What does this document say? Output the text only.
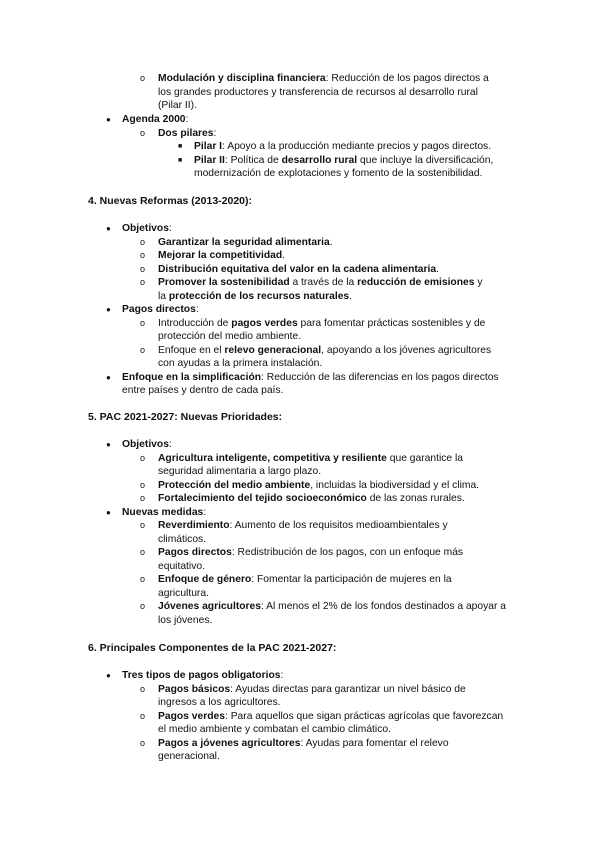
o Modulación y disciplina financiera: Reducción de los pagos directos a
los grandes productores y transferencia de recursos al desarrollo rural
(Pilar II).
● Agenda 2000:
o Dos pilares:
■ Pilar I: Apoyo a la producción mediante precios y pagos directos.
■ Pilar II: Política de desarrollo rural que incluye la diversificación,
modernización de explotaciones y fomento de la sostenibilidad.
4. Nuevas Reformas (2013-2020):
● Objetivos:
o Garantizar la seguridad alimentaria.
o Mejorar la competitividad.
o Distribución equitativa del valor en la cadena alimentaria.
o Promover la sostenibilidad a través de la reducción de emisiones y
la protección de los recursos naturales.
● Pagos directos:
o Introducción de pagos verdes para fomentar prácticas sostenibles y de
protección del medio ambiente.
o Enfoque en el relevo generacional, apoyando a los jóvenes agricultores
con ayudas a la primera instalación.
● Enfoque en la simplificación: Reducción de las diferencias en los pagos directos
entre países y dentro de cada país.
5. PAC 2021-2027: Nuevas Prioridades:
● Objetivos:
o Agricultura inteligente, competitiva y resiliente que garantice la
seguridad alimentaria a largo plazo.
o Protección del medio ambiente, incluidas la biodiversidad y el clima.
o Fortalecimiento del tejido socioeconómico de las zonas rurales.
● Nuevas medidas:
o Reverdimiento: Aumento de los requisitos medioambientales y
climáticos.
o Pagos directos: Redistribución de los pagos, con un enfoque más
equitativo.
o Enfoque de género: Fomentar la participación de mujeres en la
agricultura.
o Jóvenes agricultores: Al menos el 2% de los fondos destinados a apoyar a
los jóvenes.
6. Principales Componentes de la PAC 2021-2027:
● Tres tipos de pagos obligatorios:
o Pagos básicos: Ayudas directas para garantizar un nivel básico de
ingresos a los agricultores.
o Pagos verdes: Para aquellos que sigan prácticas agrícolas que favorezcan
el medio ambiente y combatan el cambio climático.
o Pagos a jóvenes agricultores: Ayudas para fomentar el relevo
generacional.
